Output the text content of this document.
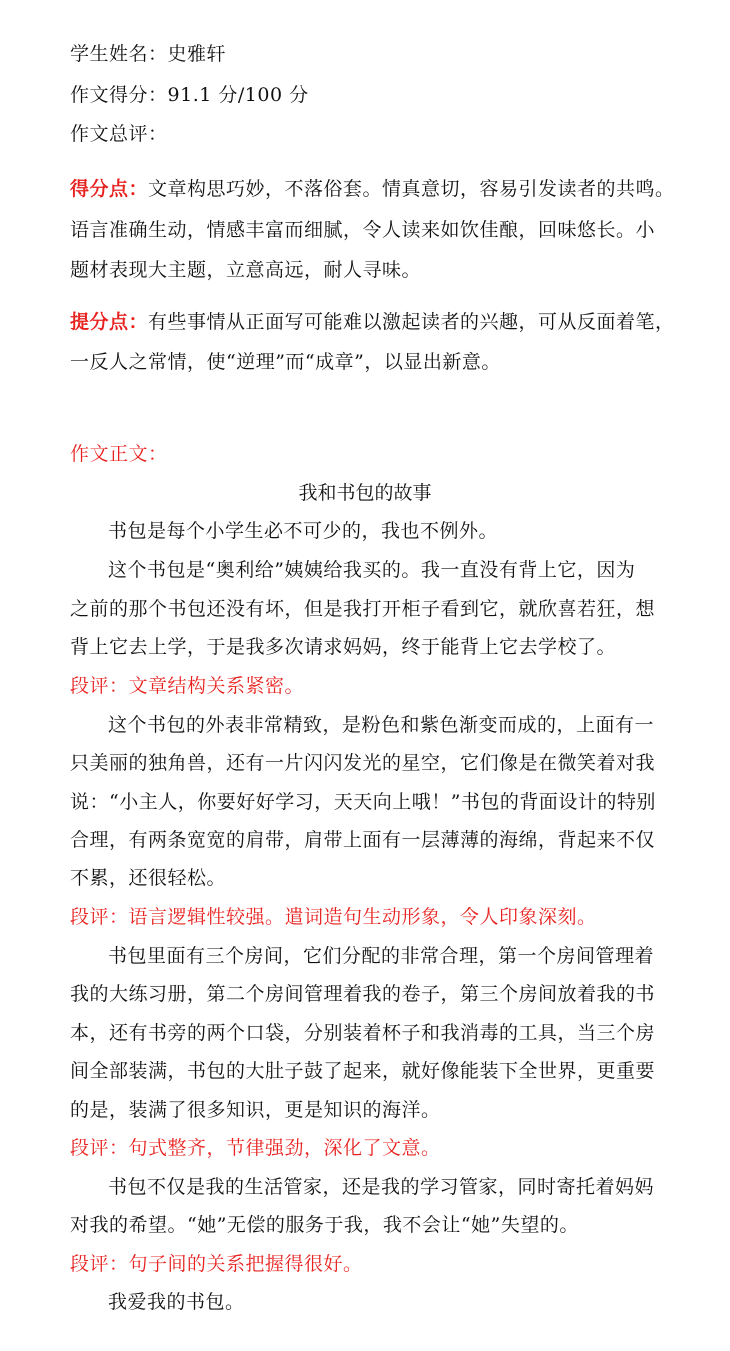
学生姓名：史雅轩
作文得分：91.1 分/100 分
作文总评：
得分点：文章构思巧妙，不落俗套。情真意切，容易引发读者的共鸣。
语言准确生动，情感丰富而细腻，令人读来如饮佳酿，回味悠长。小
题材表现大主题，立意高远，耐人寻味。
提分点：有些事情从正面写可能难以激起读者的兴趣，可从反面着笔，
一反人之常情，使“逆理”而“成章”，以显出新意。
作文正文：
我和书包的故事
书包是每个小学生必不可少的，我也不例外。
这个书包是“奥利给”姨姨给我买的。我一直没有背上它，因为
之前的那个书包还没有坏，但是我打开柜子看到它，就欣喜若狂，想
背上它去上学，于是我多次请求妈妈，终于能背上它去学校了。
段评：文章结构关系紧密。
这个书包的外表非常精致，是粉色和紫色渐变而成的，上面有一
只美丽的独角兽，还有一片闪闪发光的星空，它们像是在微笑着对我
说：“小主人，你要好好学习，天天向上哦！”书包的背面设计的特别
合理，有两条宽宽的肩带，肩带上面有一层薄薄的海绵，背起来不仅
不累，还很轻松。
段评：语言逻辑性较强。遣词造句生动形象，令人印象深刻。
书包里面有三个房间，它们分配的非常合理，第一个房间管理着
我的大练习册，第二个房间管理着我的卷子，第三个房间放着我的书
本，还有书旁的两个口袋，分别装着杯子和我消毒的工具，当三个房
间全部装满，书包的大肚子鼓了起来，就好像能装下全世界，更重要
的是，装满了很多知识，更是知识的海洋。
段评：句式整齐，节律强劲，深化了文意。
书包不仅是我的生活管家，还是我的学习管家，同时寄托着妈妈
对我的希望。“她”无偿的服务于我，我不会让“她”失望的。
段评：句子间的关系把握得很好。
我爱我的书包。
